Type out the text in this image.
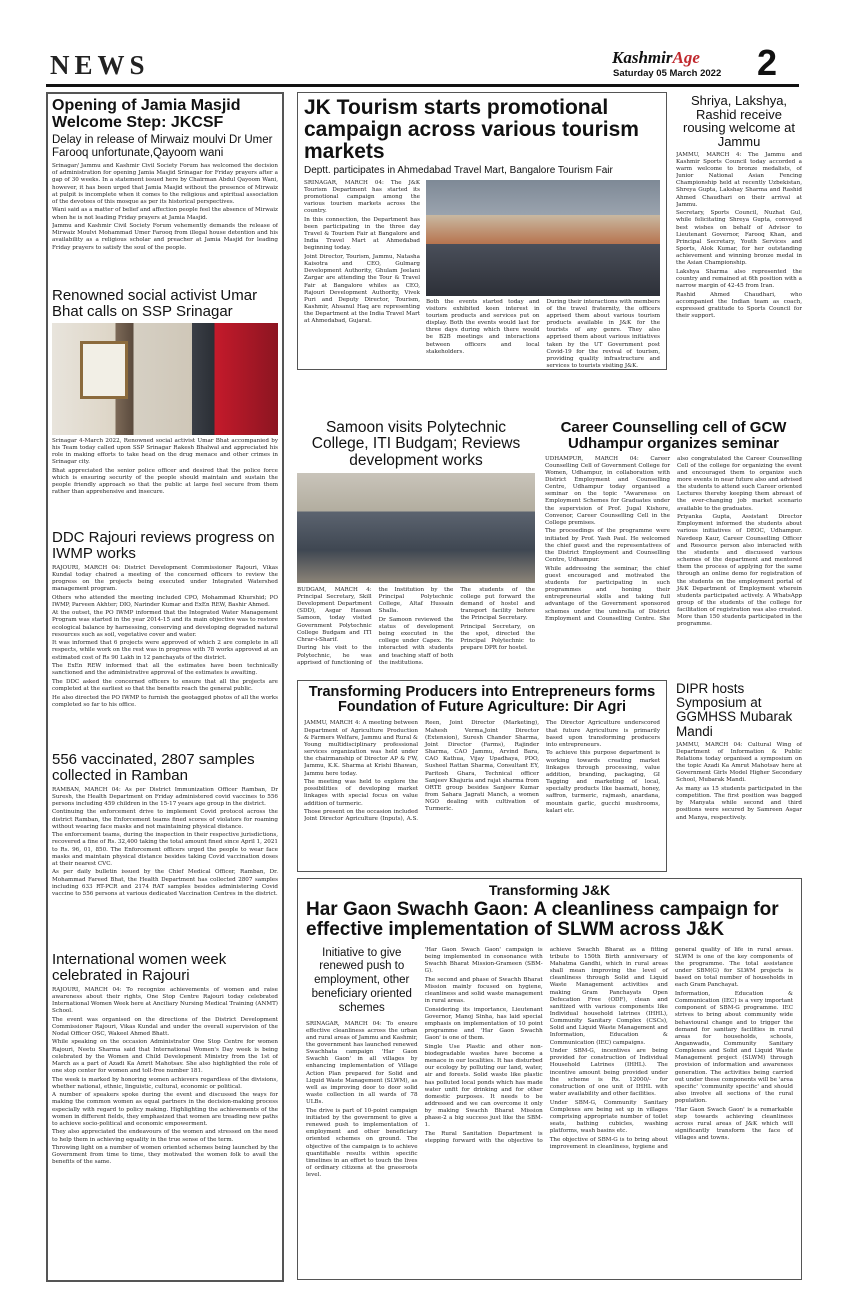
NEWS	KashmirAge
Saturday 05 March 2022 2
Opening of Jamia Masjid Welcome Step: JKCSF
Delay in release of Mirwaiz moulvi Dr Umer Farooq unfortunate,Qayoom wani

Srinagar/ Jammu and Kashmir Civil Society Forum has welcomed the decision of administration for opening Jamia Masjid Srinagar for Friday prayers after a gap of 30 weeks. In a statement issued here by Chairman Abdul Qayoom Wani, however, it has been urged that Jamia Masjid without the presence of Mirwaiz at pulpit is incomplete when it comes to the religious and spiritual association of the devotees of this mosque as per its historical perspectives.

Wani said as a matter of belief and affection people feel the absence of Mirwaiz when he is not leading Friday prayers at Jamia Masjid.

Jammu and Kashmir Civil Society Forum vehemently demands the release of Mirwaiz Moulvi Mohammad Umer Farooq from illegal house detention and his availability as a religious scholar and preacher at Jamia Masjid for leading Friday prayers to satisfy the soul of the people.

Renowned social activist Umar Bhat calls on SSP Srinagar

Srinagar 4-March 2022, Renowned social activist Umar Bhat accompanied by his Team today called upon SSP Srinagar Rakesh Bhalwal and appreciated his role in making efforts to take head on the drug menace and other crimes in Srinagar city.

Bhat appreciated the senior police officer and desired that the police force which is ensuring security of the people should maintain and sustain the people friendly approach so that the public at large feel secure from them rather than apprehensive and insecure.

DDC Rajouri reviews progress on IWMP works

RAJOURI, MARCH 04: District Development Commissioner Rajouri, Vikas Kundal today chaired a meeting of the concerned officers to review the progress on the projects being executed under Integrated Watershed management program.

Others who attended the meeting included CPO, Mohammad Khurshid; PO IWMP, Parveen Akhter; DIO, Narinder Kumar and ExEn REW, Bashir Ahmed.

At the outset, the PO IWMP informed that the Integrated Water Management Program was started in the year 2014-15 and its main objective was to restore ecological balance by harnessing, conserving and developing degraded natural resources such as soil, vegetative cover and water.

It was informed that 6 projects were approved of which 2 are complete in all respects, while work on the rest was in progress with 78 works approved at an estimated cost of Rs 90 Lakh in 12 panchayats of the district.

The ExEn REW informed that all the estimates have been technically sanctioned and the administrative approval of the estimates is awaiting.

The DDC asked the concerned officers to ensure that all the projects are completed at the earliest so that the benefits reach the general public.

He also directed the PO IWMP to furnish the geotagged photos of all the works completed so far to his office.

556 vaccinated, 2807 samples collected in Ramban

RAMBAN, MARCH 04: As per District Immunization Officer Ramban, Dr Suresh, the Health Department on Friday administered covid vaccines to 556 persons including 459 children in the 15-17 years age group in the district.

Continuing the enforcement drive to implement Covid protocol across the district Ramban, the Enforcement teams fined scores of violators for roaming without wearing face masks and not maintaining physical distance.

The enforcement teams, during the inspection in their respective jurisdictions, recovered a fine of Rs. 32,400 taking the total amount fined since April 1, 2021 to Rs. 96, 01, 850. The Enforcement officers urged the people to wear face masks and maintain physical distance besides taking Covid vaccination doses at their nearest CVC.

As per daily bulletin issued by the Chief Medical Officer, Ramban, Dr. Mohammad Fareed Bhat, the Health Department has collected 2807 samples including 633 RT-PCR and 2174 RAT samples besides administering Covid vaccine to 556 persons at various dedicated Vaccination Centres in the district.

International women week celebrated in Rajouri

RAJOURI, MARCH 04: To recognize achievements of women and raise awareness about their rights, One Stop Centre Rajouri today celebrated International Women Week here at Anciliary Nursing Medical Training (ANMT) School.

The event was organised on the directions of the District Development Commissioner Rajouri, Vikas Kundal and under the overall supervision of the Nodal Officer OSC, Wakeel Ahmed Bhatt.

While speaking on the occasion Administrator One Stop Centre for women Rajouri, Neetu Sharma said that International Women's Day week is being celebrated by the Women and Child Development Ministry from the 1st of March as a part of Azadi Ka Amrit Mahotsav. She also highlighted the role of one stop center for women and toll-free number 181.

The week is marked by honoring women achievers regardless of the divisions, whether national, ethnic, linguistic, cultural, economic or political.

A number of speakers spoke during the event and discussed the ways for making the common women as equal partners in the decision-making process especially with regard to policy making. Highlighting the achievements of the women in different fields, they emphasized that women are treading new paths to achieve socio-political and economic empowerment.

They also appreciated the endeavours of the women and stressed on the need to help them in achieving equality in the true sense of the term.

Throwing light on a number of women oriented schemes being launched by the Government from time to time, they motivated the women folk to avail the benefits of the same.

JK Tourism starts promotional campaign across various tourism markets
Deptt. participates in Ahmedabad Travel Mart, Bangalore Tourism Fair

SRINAGAR, MARCH 04: The J&K Tourism Department has started its promotional campaign among the various tourism markets across the country.

In this connection, the Department has been participating in the three day Travel & Tourism Fair at Bangalore and India Travel Mart at Ahmedabad beginning today.

Joint Director, Tourism, Jammu, Natasha Kaisotra and CEO, Gulmarg Development Authority, Ghulam Jeelani Zargar are attending the Tour & Travel Fair at Bangalore whiles as CEO, Rajouri Development Authority, Vivek Puri and Deputy Director, Tourism, Kashmir, Ahsanul Haq are representing the Department at the India Travel Mart at Ahmedabad, Gujarat.

Both the events started today and visitors exhibited keen interest in tourism products and services put on display. Both the events would last for three days during which there would be B2B meetings and interactions between officers and local stakeholders.

During their interactions with members of the travel fraternity, the officers apprised them about various tourism products available in J&K for the tourists of any genre. They also apprised them about various initiatives taken by the UT Government post Covid-19 for the revival of tourism, providing quality infrastructure and services to tourists visiting J&K.

Shriya, Lakshya, Rashid receive rousing welcome at Jammu

JAMMU, MARCH 4: The Jammu and Kashmir Sports Council today accorded a warm welcome to bronze medalists, of Junior National Asian Fencing Championship held at recently Uzbekistan, Shreya Gupta, Lakshay Sharma and Rashid Ahmed Chaudhari on their arrival at Jammu.

Secretary, Sports Council, Nuzhat Gul, while felicitating Shreya Gupta, conveyed best wishes on behalf of Advisor to Lieutenant Governor, Farooq Khan, and Principal Secretary, Youth Services and Sports, Alok Kumar, for her outstanding achievement and winning bronze medal in the Asian Championship.

Lakshya Sharma also represented the country and remained at 6th position with a narrow margin of 42-45 from Iran.

Rashid Ahmed Chaudhari, who accompanied the Indian team as coach, expressed gratitude to Sports Council for their support.

Samoon visits Polytechnic College, ITI Budgam; Reviews development works

BUDGAM, MARCH 4: Principal Secretary, Skill Development Department (SDD), Asgar Hassan Samoon, today visited Government Polytechnic College Budgam and ITI Chrar-i-Sharif.

During his visit to the Polytechnic, he was apprised of functioning of the Institution by the Principal Polytechnic College, Altaf Hussain Shalla.

Dr Samoon reviewed the status of development being executed in the college under Capex. He interacted with students and teaching staff of both the institutions.

The students of the college put forward the demand of hostel and transport facility before the Principal Secretary.

Principal Secretary, on the spot, directed the Principal Polytechnic to prepare DPR for hostel.

Career Counselling cell of GCW Udhampur organizes seminar

UDHAMPUR, MARCH 04: Career Counselling Cell of Government College for Women, Udhampur, in collaboration with District Employment and Counselling Centre, Udhampur today organised a seminar on the topic "Awareness on Employment Schemes for Graduates under the supervision of Prof. Jugal Kishore, Convenor, Career Counselling Cell in the College premises.

The proceedings of the programme were initiated by Prof. Yash Paul. He welcomed the chief guest and the representatives of the District Employment and Counselling Centre, Udhampur.

While addressing the seminar, the chief guest encouraged and motivated the students for participating in such programmes and honing their entrepreneurial skills and taking full advantage of the Government sponsored schemes under the umbrella of District Employment and Counselling Centre. She also congratulated the Career Counselling Cell of the college for organizing the event and encouraged them to organize such more events in near future also and advised the students to attend such Career oriented Lectures thereby keeping them abreast of the ever-changing job market scenario available to the graduates.

Priyanka Gupta, Assistant Director Employment informed the students about various initiatives of DEOC, Udhampur. Navdeep Kaur, Career Counselling Officer and Resource person also interacted with the students and discussed various schemes of the department and mentored them the process of applying for the same through an online demo for registration of the students on the employment portal of J&K Department of Employment wherein students participated actively. A WhatsApp group of the students of the college for facilitation of registration was also created. More than 150 students participated in the programme.

Transforming Producers into Entrepreneurs forms Foundation of Future Agriculture: Dir Agri

JAMMU, MARCH 4: A meeting between Department of Agriculture Production & Farmers Welfare, Jammu and Rural & Young multidisciplinary professional services organization was held under the chairmanship of Director AP & FW, Jammu, K.K. Sharma at Krishi Bhawan, Jammu here today.

The meeting was held to explore the possibilities of developing market linkages with special focus on value addition of turmeric.

Those present on the occasion included Joint Director Agriculture (Inputs), A.S. Reen, Joint Director (Marketing), Mahesh Verma,Joint Director (Extension), Suresh Chander Sharma, Joint Director (Farms), Rajinder Sharma, CAO Jammu, Arvind Bara, CAO Kathua, Vijay Upadhaya, PDO, Susheel Rattan Sharma, Consultant EY, Paritosh Ghara, Technical officer Sanjeev Khajuria and rajat sharma from ORTE group besides Sanjeev Kumar from Sahara Jagrati Manch, a women NGO dealing with cultivation of Turmeric.

The Director Agriculture underscored that future Agriculture is primarily based upon transforming producers into entrepreneurs.

To achieve this purpose department is working towards creating market linkages through processing, value addition, branding, packaging, GI Tagging and marketing of local, specialty products like basmati, honey, saffron, turmeric, rajmash, anardana, mountain garlic, gucchi mushrooms, kalari etc.

DIPR hosts Symposium at GGMHSS Mubarak Mandi

JAMMU, MARCH 04: Cultural Wing of Department of Information & Public Relations today organised a symposium on the topic Azadi Ka Amrut Mahotsav here at Government Girls Model Higher Secondary School, Mubarak Mandi.

As many as 15 students participated in the competition. The first position was bagged by Manyata while second and third positions were secured by Samreen Asgar and Manya, respectively.

Transforming J&K
Har Gaon Swachh Gaon: A cleanliness campaign for effective implementation of SLWM across J&K
Initiative to give renewed push to employment, other beneficiary oriented schemes

SRINAGAR, MARCH 04: To ensure effective cleanliness across the urban and rural areas of Jammu and Kashmir, the government has launched renewed Swachhata campaign 'Har Gaon Swachh Gaon' in all villages by enhancing implementation of Village Action Plan prepared for Solid and Liquid Waste Management (SLWM), as well as improving door to door solid waste collection in all wards of 78 ULBs.

The drive is part of 10-point campaign initiated by the government to give a renewed push to implementation of employment and other beneficiary oriented schemes on ground. The objective of the campaign is to achieve quantifiable results within specific timelines in an effort to touch the lives of ordinary citizens at the grassroots level.

'Har Gaon Swach Gaon' campaign is being implemented in consonance with Swachh Bharat Mission-Grameen (SBM-G).

The second and phase of Swachh Bharat Mission mainly focused on hygiene, cleanliness and solid waste management in rural areas.

Considering its importance, Lieutenant Governor, Manoj Sinha, has laid special emphasis on implementation of 10 point programme and 'Har Gaon Swachh Gaon' is one of them.

Single Use Plastic and other non-biodegradable wastes have become a menace in our localities. It has disturbed our ecology by polluting our land, water, air and forests. Solid waste like plastic has polluted local ponds which has made water unfit for drinking and for other domestic purposes. It needs to be addressed and we can overcome it only by making Swachh Bharat Mission phase-2 a big success just like the SBM-1.

The Rural Sanitation Department is stepping forward with the objective to achieve Swachh Bharat as a fitting tribute to 150th Birth anniversary of Mahatma Gandhi, which in rural areas shall mean improving the level of cleanliness through Solid and Liquid Waste Management activities and making Gram Panchayats Open Defecation Free (ODF), clean and sanitized with various components like Individual household latrines (IHHL), Community Sanitary Complex (CSCs), Solid and Liquid Waste Management and Information, Education & Communication (IEC) campaigns.

Under SBM-G, incentives are being provided for construction of Individual Household Latrines (IHHL). The incentive amount being provided under the scheme is Rs. 12000/- for construction of one unit of IHHL with water availability and other facilities.

Under SBM-G, Community Sanitary Complexes are being set up in villages comprising appropriate number of toilet seats, bathing cubicles, washing platforms, wash basins etc.

The objective of SBM-G is to bring about improvement in cleanliness, hygiene and general quality of life in rural areas. SLWM is one of the key components of the programme. The total assistance under SBM(G) for SLWM projects is based on total number of households in each Gram Panchayat.

Information, Education & Communication (IEC) is a very important component of SBM-G programme. IEC strives to bring about community wide behavioural change and to trigger the demand for sanitary facilities in rural areas for households, schools, Anganwadis, Community Sanitary Complexes and Solid and Liquid Waste Management project (SLWM) through provision of information and awareness generation. The activities being carried out under these components will be 'area specific' 'community specific' and should also involve all sections of the rural population.

'Har Gaon Swach Gaon' is a remarkable step towards achieving cleanliness across rural areas of J&K which will significantly transform the face of villages and towns.
